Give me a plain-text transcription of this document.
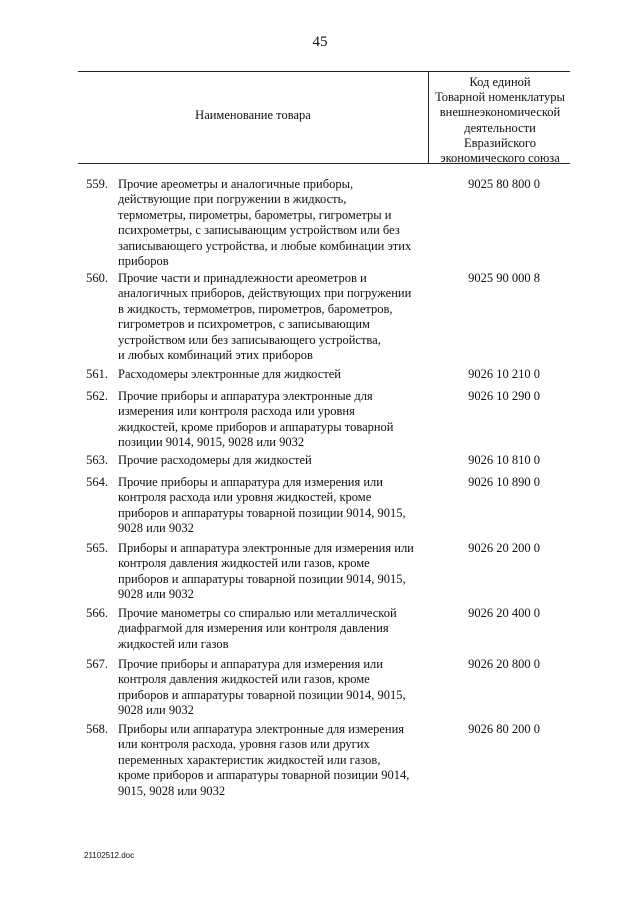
45
Наименование товара
Код единой
Товарной номенклатуры
внешнеэкономической
деятельности
Евразийского
экономического союза
559. Прочие ареометры и аналогичные приборы,
действующие при погружении в жидкость,
термометры, пирометры, барометры, гигрометры и
психрометры, с записывающим устройством или без
записывающего устройства, и любые комбинации этих
приборов
9025 80 800 0
560. Прочие части и принадлежности ареометров и
аналогичных приборов, действующих при погружении
в жидкость, термометров, пирометров, барометров,
гигрометров и психрометров, с записывающим
устройством или без записывающего устройства,
и любых комбинаций этих приборов
9025 90 000 8
561. Расходомеры электронные для жидкостей	9026 10 210 0
562. Прочие приборы и аппаратура электронные для
измерения или контроля расхода или уровня
жидкостей, кроме приборов и аппаратуры товарной
позиции 9014, 9015, 9028 или 9032
9026 10 290 0
563. Прочие расходомеры для жидкостей	9026 10 810 0
564. Прочие приборы и аппаратура для измерения или
контроля расхода или уровня жидкостей, кроме
приборов и аппаратуры товарной позиции 9014, 9015,
9028 или 9032
9026 10 890 0
565. Приборы и аппаратура электронные для измерения или
контроля давления жидкостей или газов, кроме
приборов и аппаратуры товарной позиции 9014, 9015,
9028 или 9032
9026 20 200 0
566. Прочие манометры со спиралью или металлической
диафрагмой для измерения или контроля давления
жидкостей или газов
9026 20 400 0
567. Прочие приборы и аппаратура для измерения или
контроля давления жидкостей или газов, кроме
приборов и аппаратуры товарной позиции 9014, 9015,
9028 или 9032
9026 20 800 0
568. Приборы или аппаратура электронные для измерения
или контроля расхода, уровня газов или других
переменных характеристик жидкостей или газов,
кроме приборов и аппаратуры товарной позиции 9014,
9015, 9028 или 9032
9026 80 200 0
21102512.doc
